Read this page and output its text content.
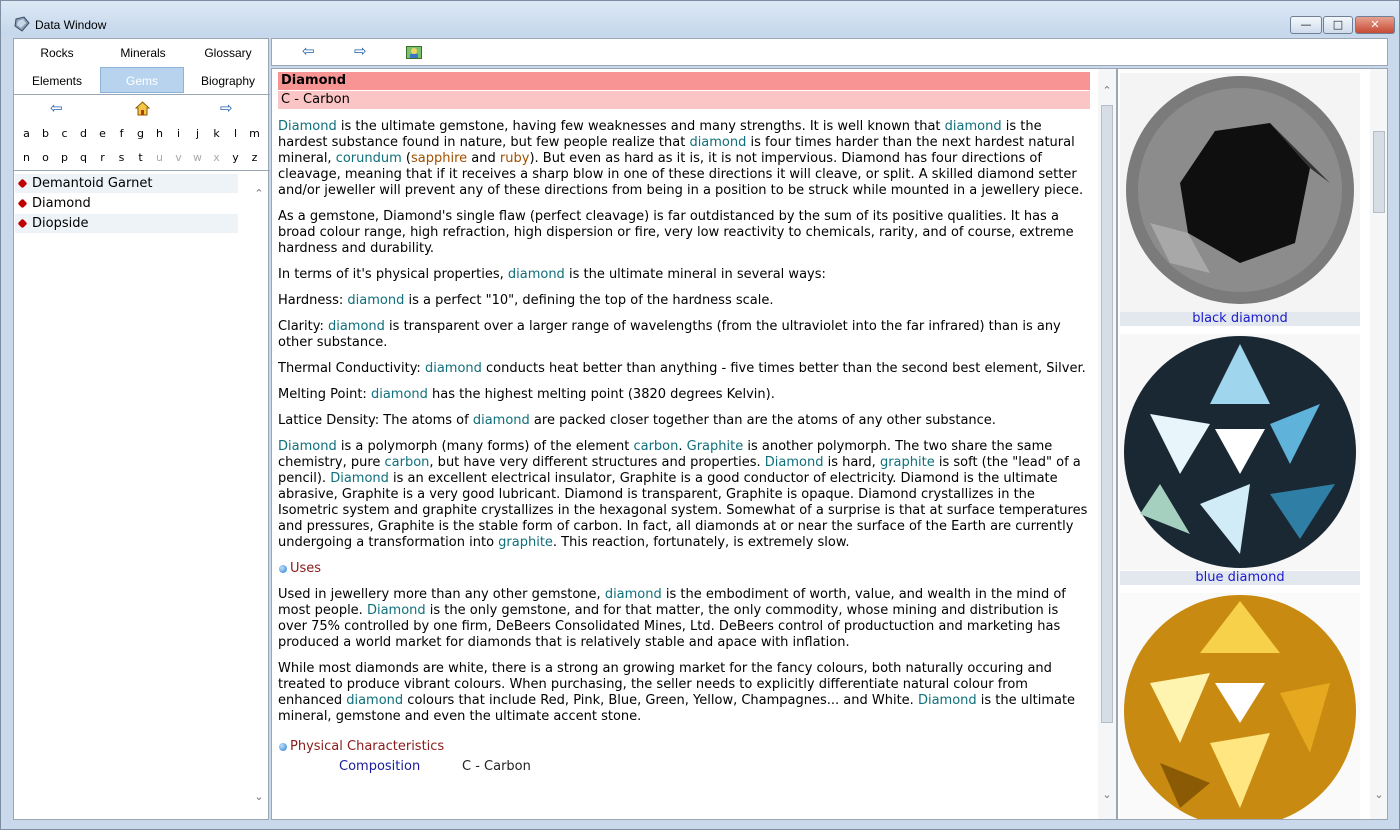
Data Window	—	□	✕
Rocks	Minerals	Glossary
Elements	Gems	Biography
⇦	⇨
a	b	c	d	e	f	g	h	i	j	k	l	m
n	o	p	q	r	s	t	u	v	w	x	y	z
Demantoid Garnet
Diamond
Diopside
⌃
⌄
⇦	⇨
Diamond
C - Carbon

Diamond is the ultimate gemstone, having few weaknesses and many strengths. It is well known that diamond is the hardest substance found in nature, but few people realize that diamond is four times harder than the next hardest natural mineral, corundum (sapphire and ruby). But even as hard as it is, it is not impervious. Diamond has four directions of cleavage, meaning that if it receives a sharp blow in one of these directions it will cleave, or split. A skilled diamond setter and/or jeweller will prevent any of these directions from being in a position to be struck while mounted in a jewellery piece.

As a gemstone, Diamond's single flaw (perfect cleavage) is far outdistanced by the sum of its positive qualities. It has a broad colour range, high refraction, high dispersion or fire, very low reactivity to chemicals, rarity, and of course, extreme hardness and durability.

In terms of it's physical properties, diamond is the ultimate mineral in several ways:

Hardness: diamond is a perfect "10", defining the top of the hardness scale.

Clarity: diamond is transparent over a larger range of wavelengths (from the ultraviolet into the far infrared) than is any other substance.

Thermal Conductivity: diamond conducts heat better than anything - five times better than the second best element, Silver.

Melting Point: diamond has the highest melting point (3820 degrees Kelvin).

Lattice Density: The atoms of diamond are packed closer together than are the atoms of any other substance.

Diamond is a polymorph (many forms) of the element carbon. Graphite is another polymorph. The two share the same chemistry, pure carbon, but have very different structures and properties. Diamond is hard, graphite is soft (the "lead" of a pencil). Diamond is an excellent electrical insulator, Graphite is a good conductor of electricity. Diamond is the ultimate abrasive, Graphite is a very good lubricant. Diamond is transparent, Graphite is opaque. Diamond crystallizes in the Isometric system and graphite crystallizes in the hexagonal system. Somewhat of a surprise is that at surface temperatures and pressures, Graphite is the stable form of carbon. In fact, all diamonds at or near the surface of the Earth are currently undergoing a transformation into graphite. This reaction, fortunately, is extremely slow.

Uses

Used in jewellery more than any other gemstone, diamond is the embodiment of worth, value, and wealth in the mind of most people. Diamond is the only gemstone, and for that matter, the only commodity, whose mining and distribution is over 75% controlled by one firm, DeBeers Consolidated Mines, Ltd. DeBeers control of productuction and marketing has produced a world market for diamonds that is relatively stable and apace with inflation.

While most diamonds are white, there is a strong an growing market for the fancy colours, both naturally occuring and treated to produce vibrant colours. When purchasing, the seller needs to explicitly differentiate natural colour from enhanced diamond colours that include Red, Pink, Blue, Green, Yellow, Champagnes... and White. Diamond is the ultimate mineral, gemstone and even the ultimate accent stone.

Physical Characteristics
Composition	C - Carbon
⌃
⌄
black diamond
blue diamond
⌄
